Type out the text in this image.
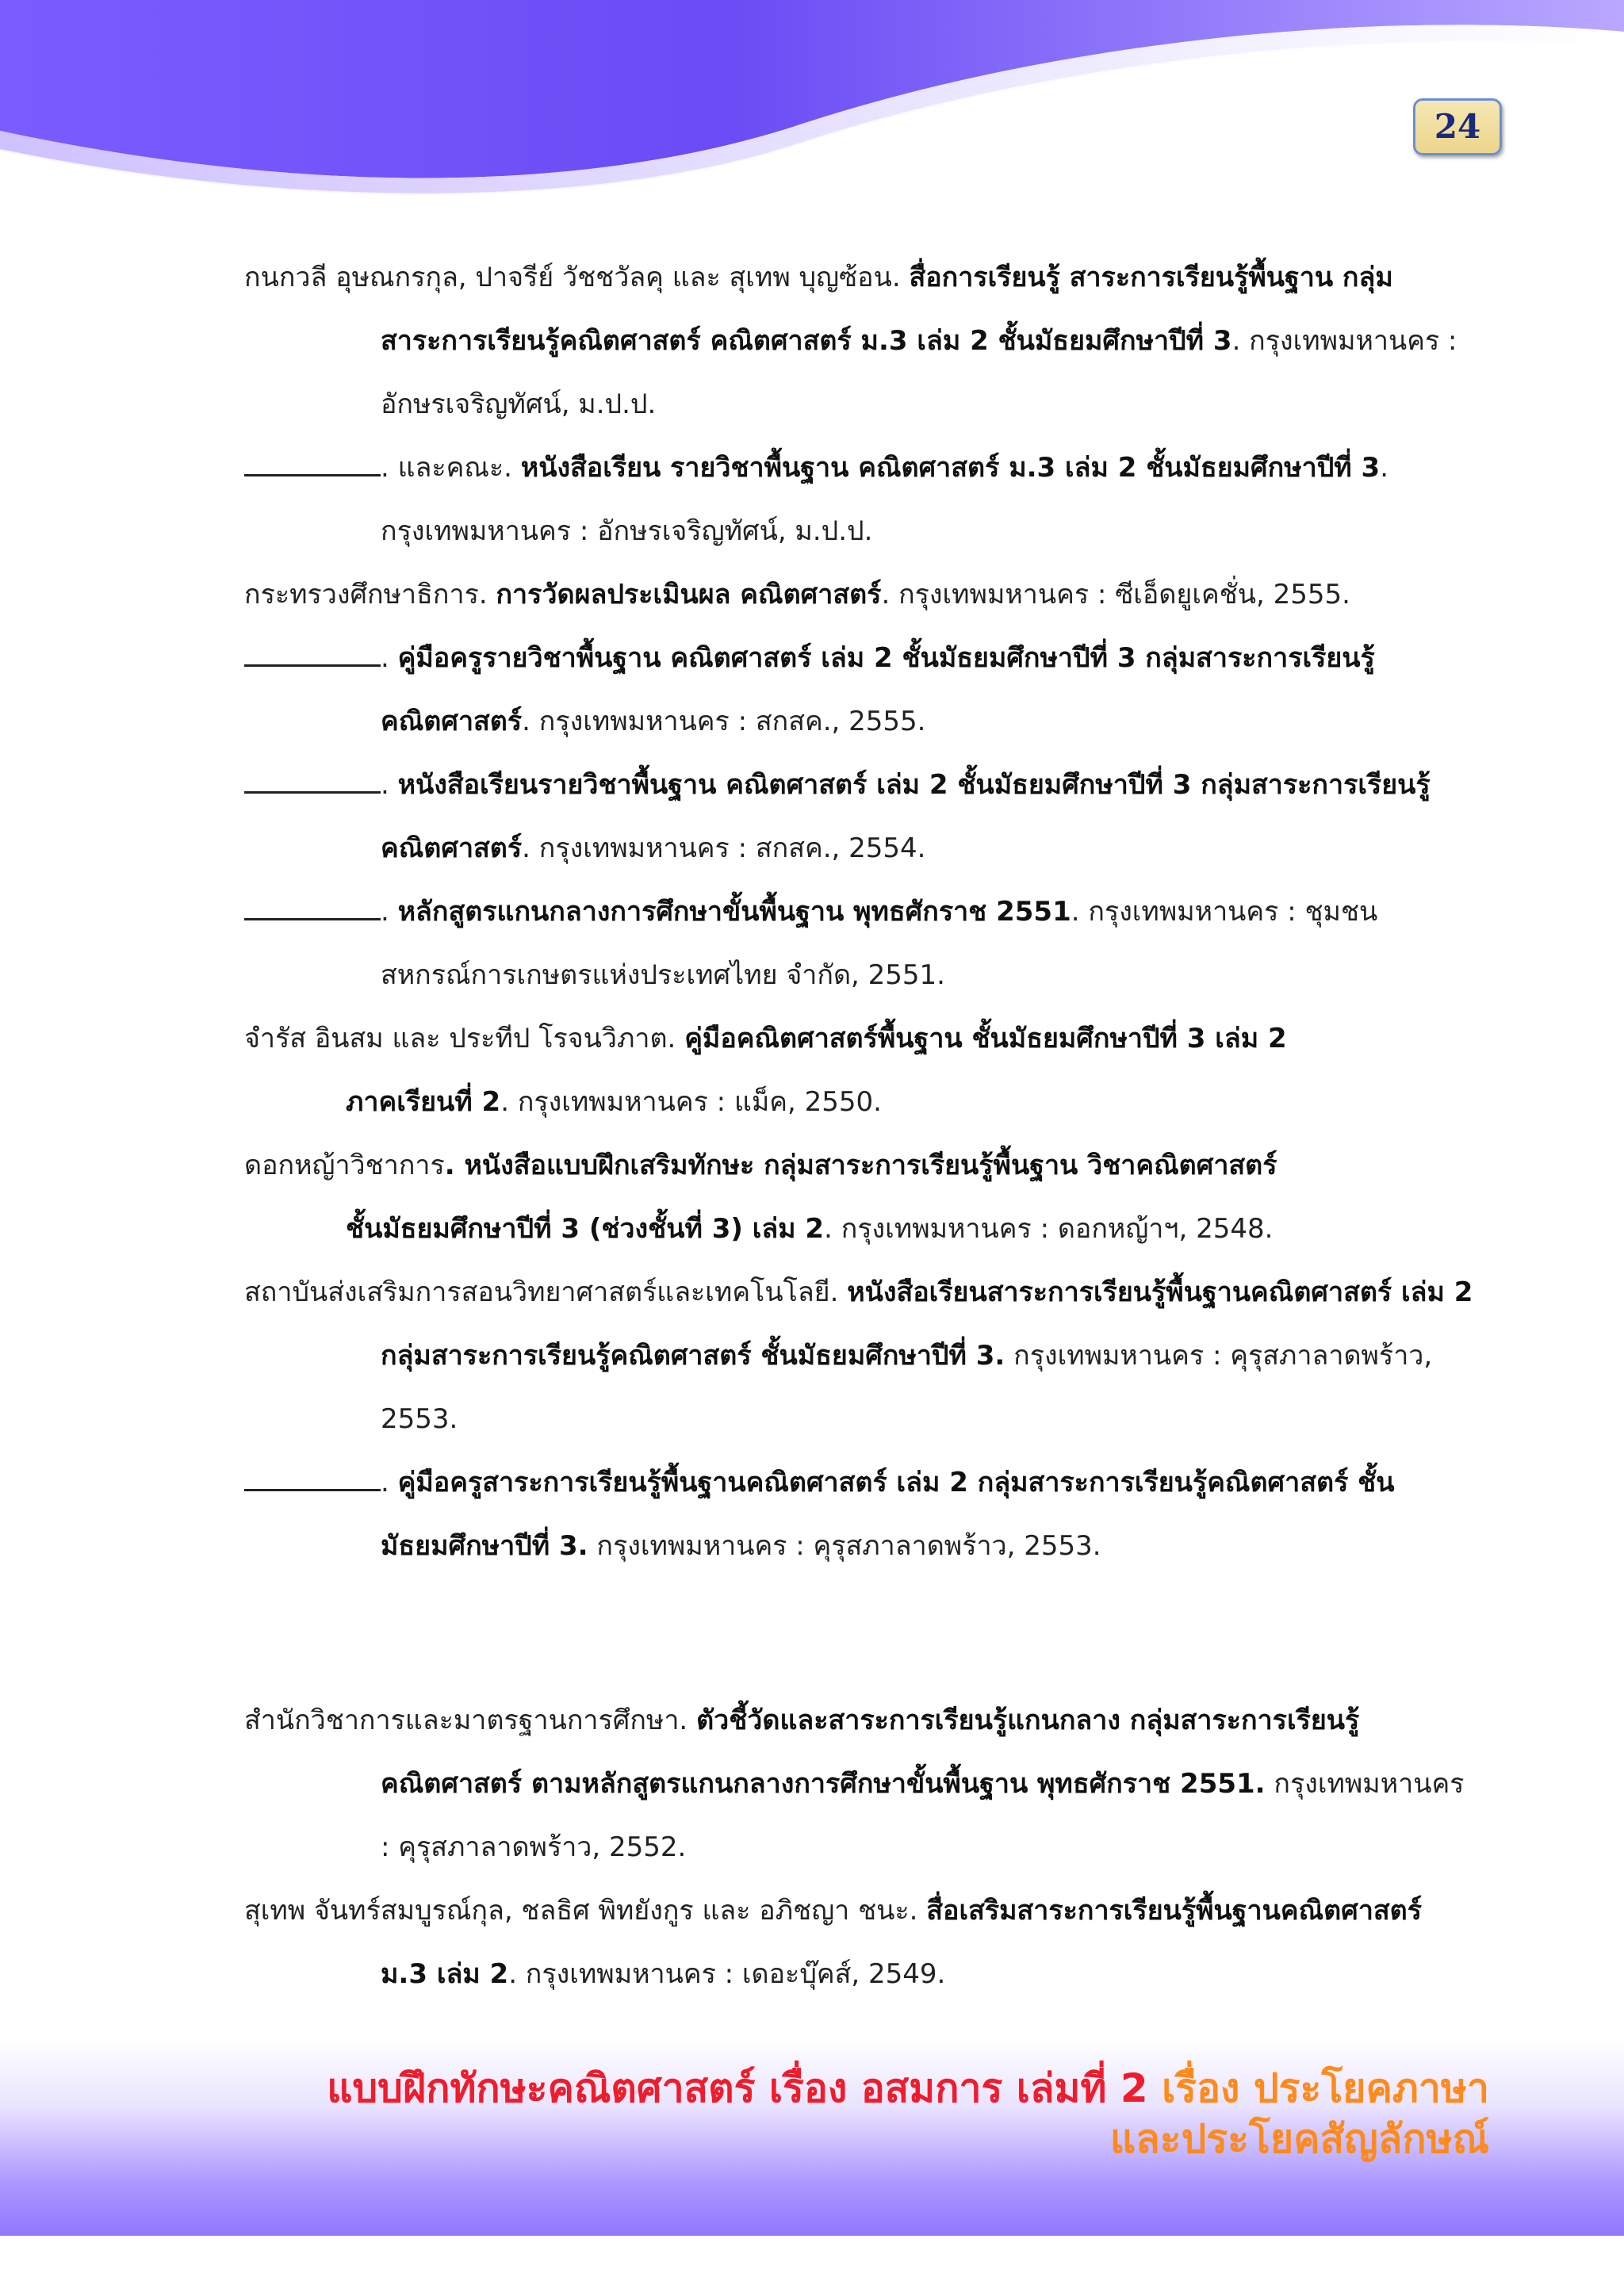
24
กนกวลี อุษณกรกุล, ปาจรีย์ วัชชวัลคุ และ สุเทพ บุญซ้อน. สื่อการเรียนรู้ สาระการเรียนรู้พื้นฐาน กลุ่ม
สาระการเรียนรู้คณิตศาสตร์ คณิตศาสตร์ ม.3 เล่ม 2 ชั้นมัธยมศึกษาปีที่ 3. กรุงเทพมหานคร :
อักษรเจริญทัศน์, ม.ป.ป.
. และคณะ. หนังสือเรียน รายวิชาพื้นฐาน คณิตศาสตร์ ม.3 เล่ม 2 ชั้นมัธยมศึกษาปีที่ 3.
กรุงเทพมหานคร : อักษรเจริญทัศน์, ม.ป.ป.
กระทรวงศึกษาธิการ. การวัดผลประเมินผล คณิตศาสตร์. กรุงเทพมหานคร : ซีเอ็ดยูเคชั่น, 2555.
. คู่มือครูรายวิชาพื้นฐาน คณิตศาสตร์ เล่ม 2 ชั้นมัธยมศึกษาปีที่ 3 กลุ่มสาระการเรียนรู้
คณิตศาสตร์. กรุงเทพมหานคร : สกสค., 2555.
. หนังสือเรียนรายวิชาพื้นฐาน คณิตศาสตร์ เล่ม 2 ชั้นมัธยมศึกษาปีที่ 3 กลุ่มสาระการเรียนรู้
คณิตศาสตร์. กรุงเทพมหานคร : สกสค., 2554.
. หลักสูตรแกนกลางการศึกษาขั้นพื้นฐาน พุทธศักราช 2551. กรุงเทพมหานคร : ชุมชน
สหกรณ์การเกษตรแห่งประเทศไทย จำกัด, 2551.
จำรัส อินสม และ ประทีป โรจนวิภาต. คู่มือคณิตศาสตร์พื้นฐาน ชั้นมัธยมศึกษาปีที่ 3 เล่ม 2
ภาคเรียนที่ 2. กรุงเทพมหานคร : แม็ค, 2550.
ดอกหญ้าวิชาการ. หนังสือแบบฝึกเสริมทักษะ กลุ่มสาระการเรียนรู้พื้นฐาน วิชาคณิตศาสตร์
ชั้นมัธยมศึกษาปีที่ 3 (ช่วงชั้นที่ 3) เล่ม 2. กรุงเทพมหานคร : ดอกหญ้าฯ, 2548.
สถาบันส่งเสริมการสอนวิทยาศาสตร์และเทคโนโลยี. หนังสือเรียนสาระการเรียนรู้พื้นฐานคณิตศาสตร์ เล่ม 2
กลุ่มสาระการเรียนรู้คณิตศาสตร์ ชั้นมัธยมศึกษาปีที่ 3. กรุงเทพมหานคร : คุรุสภาลาดพร้าว,
2553.
. คู่มือครูสาระการเรียนรู้พื้นฐานคณิตศาสตร์ เล่ม 2 กลุ่มสาระการเรียนรู้คณิตศาสตร์ ชั้น
มัธยมศึกษาปีที่ 3. กรุงเทพมหานคร : คุรุสภาลาดพร้าว, 2553.
สำนักวิชาการและมาตรฐานการศึกษา. ตัวชี้วัดและสาระการเรียนรู้แกนกลาง กลุ่มสาระการเรียนรู้
คณิตศาสตร์ ตามหลักสูตรแกนกลางการศึกษาขั้นพื้นฐาน พุทธศักราช 2551. กรุงเทพมหานคร
: คุรุสภาลาดพร้าว, 2552.
สุเทพ จันทร์สมบูรณ์กุล, ชลธิศ พิทยังกูร และ อภิชญา ชนะ. สื่อเสริมสาระการเรียนรู้พื้นฐานคณิตศาสตร์
ม.3 เล่ม 2. กรุงเทพมหานคร : เดอะบุ๊คส์, 2549.
แบบฝึกทักษะคณิตศาสตร์ เรื่อง อสมการ เล่มที่ 2 เรื่อง ประโยคภาษา
และประโยคสัญลักษณ์
